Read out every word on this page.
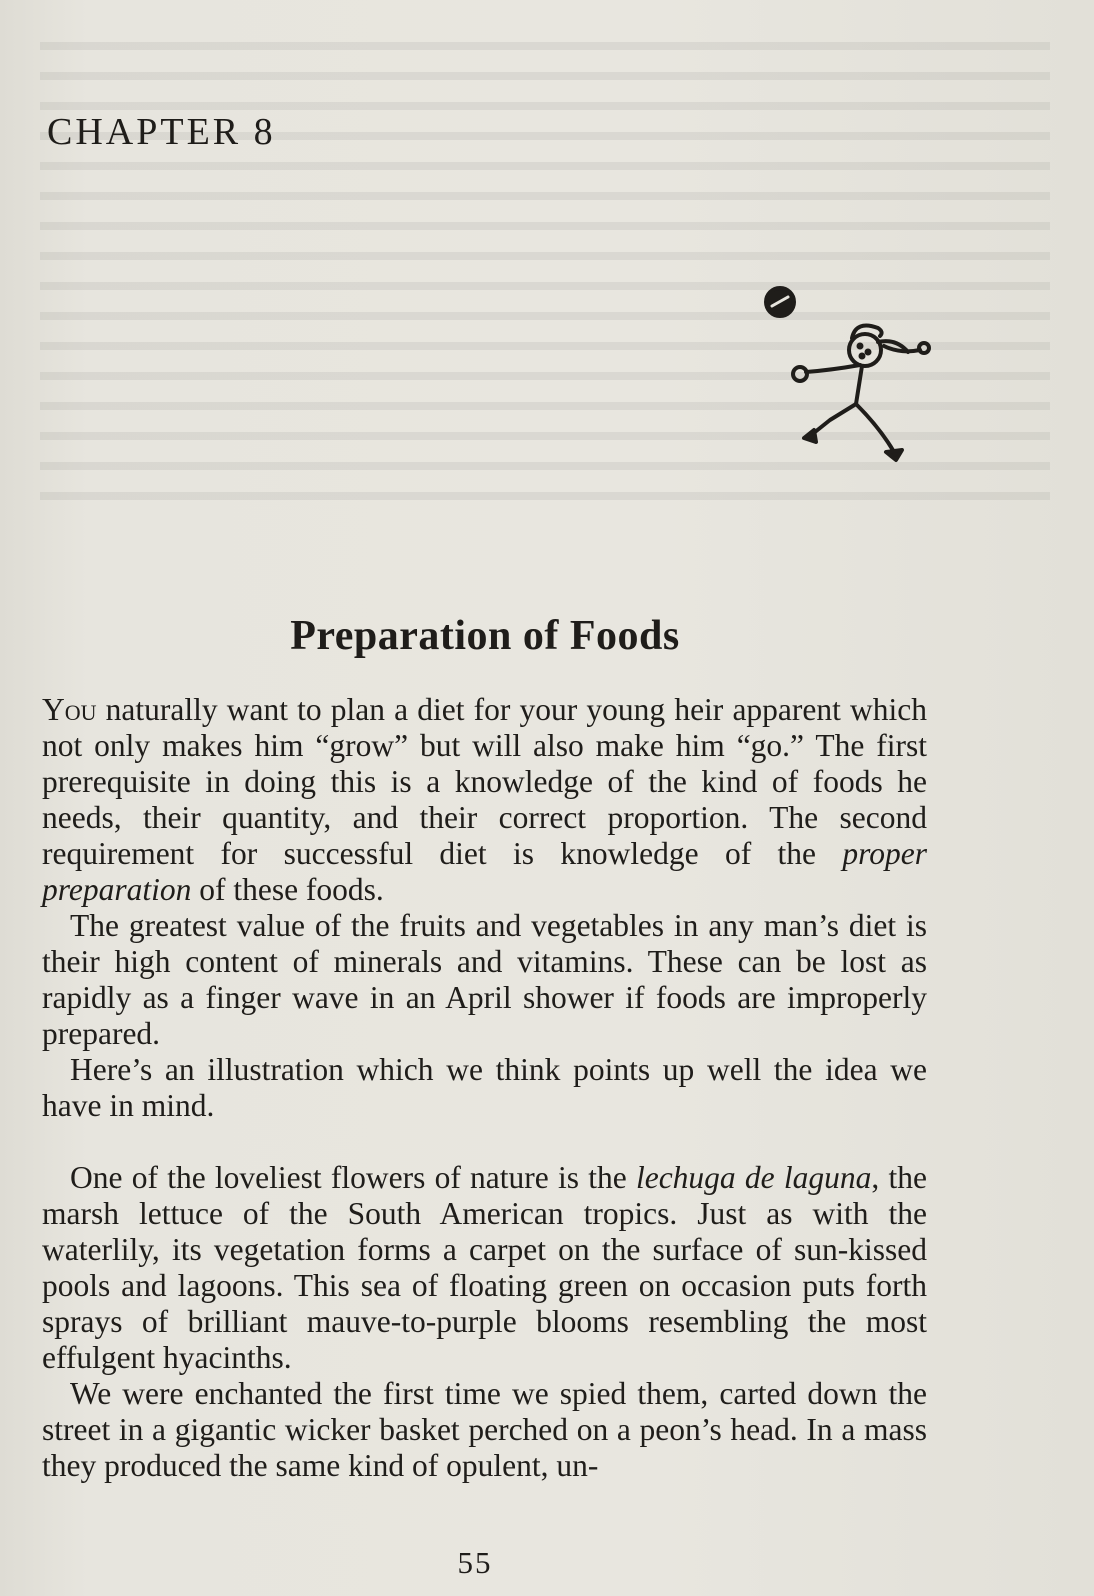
CHAPTER 8
Preparation of Foods

You naturally want to plan a diet for your young heir apparent which not only makes him “grow” but will also make him “go.” The first prerequisite in doing this is a knowledge of the kind of foods he needs, their quantity, and their correct proportion. The second requirement for successful diet is knowledge of the proper preparation of these foods.

The greatest value of the fruits and vegetables in any man’s diet is their high content of minerals and vitamins. These can be lost as rapidly as a finger wave in an April shower if foods are improperly prepared.

Here’s an illustration which we think points up well the idea we have in mind.

One of the loveliest flowers of nature is the lechuga de laguna, the marsh lettuce of the South American tropics. Just as with the waterlily, its vegetation forms a carpet on the surface of sun-kissed pools and lagoons. This sea of floating green on occasion puts forth sprays of brilliant mauve-to-purple blooms resembling the most effulgent hyacinths.

We were enchanted the first time we spied them, carted down the street in a gigantic wicker basket perched on a peon’s head. In a mass they produced the same kind of opulent, un-

55
